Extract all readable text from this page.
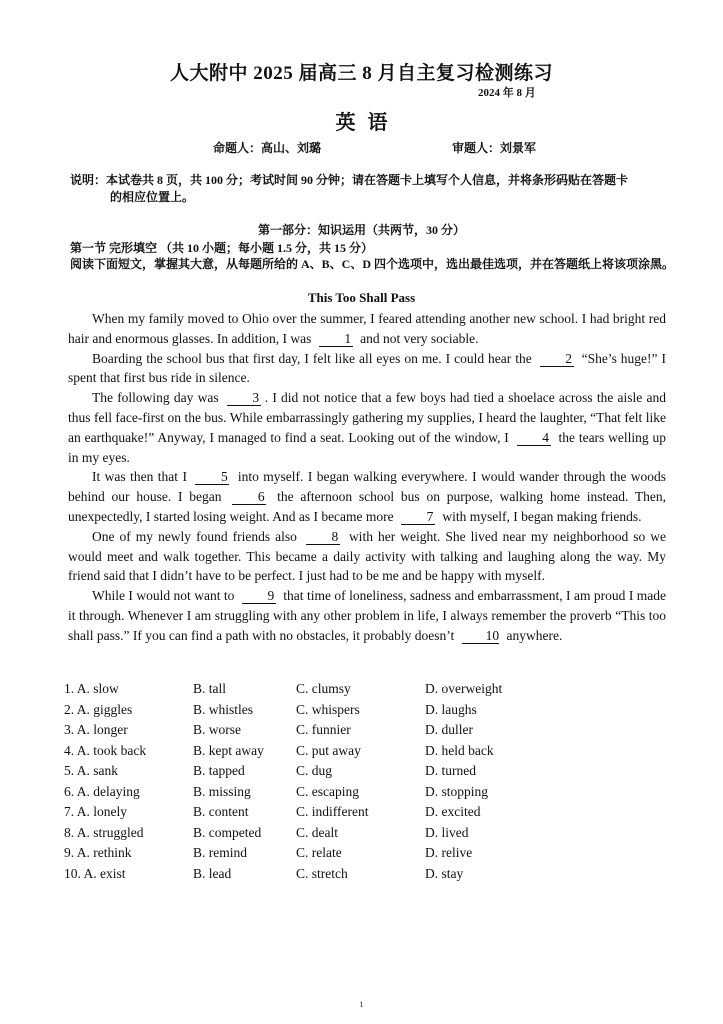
人大附中 2025 届高三 8 月自主复习检测练习
2024 年 8 月
英语
命题人：高山、刘璐	审题人：刘景军
说明：本试卷共 8 页，共 100 分；考试时间 90 分钟；请在答题卡上填写个人信息，并将条形码贴在答题卡
的相应位置上。
第一部分：知识运用（共两节，30 分）
第一节 完形填空 （共 10 小题；每小题 1.5 分，共 15 分）
阅读下面短文，掌握其大意，从每题所给的 A、B、C、D 四个选项中，选出最佳选项，并在答题纸上将该项涂黑。
This Too Shall Pass

When my family moved to Ohio over the summer, I feared attending another new school. I had bright red hair and enormous glasses. In addition, I was 1 and not very sociable.

Boarding the school bus that first day, I felt like all eyes on me. I could hear the 2 “She’s huge!” I spent that first bus ride in silence.

The following day was	3 . I did not notice that a few boys had tied a shoelace across the aisle and thus fell face-first on the bus. While embarrassingly gathering my supplies, I heard the laughter, “That felt like an earthquake!” Anyway, I managed to find a seat. Looking out of the window, I 4 the tears welling up in my eyes.

It was then that I	5 into myself. I began walking everywhere. I would wander through the woods behind our house. I began	6 the afternoon school bus on purpose, walking home instead. Then, unexpectedly, I started losing weight. And as I became more 7 with myself, I began making friends.

One of my newly found friends also	8 with her weight. She lived near my neighborhood so we would meet and walk together. This became a daily activity with talking and laughing along the way. My friend said that I didn’t have to be perfect. I just had to be me and be happy with myself.

While I would not want to 9 that time of loneliness, sadness and embarrassment, I am proud I made it through. Whenever I am struggling with any other problem in life, I always remember the proverb “This too shall pass.” If you can find a path with no obstacles, it probably doesn’t 10 anywhere.

1. A. slow	B. tall	C. clumsy	D. overweight
2. A. giggles	B. whistles	C. whispers	D. laughs
3. A. longer	B. worse	C. funnier	D. duller
4. A. took back	B. kept away C. put away	D. held back
5. A. sank	B. tapped	C. dug	D. turned
6. A. delaying	B. missing	C. escaping	D. stopping
7. A. lonely	B. content	C. indifferent	D. excited
8. A. struggled	B. competed	C. dealt	D. lived
9. A. rethink	B. remind	C. relate	D. relive
10. A. exist	B. lead	C. stretch	D. stay
1
